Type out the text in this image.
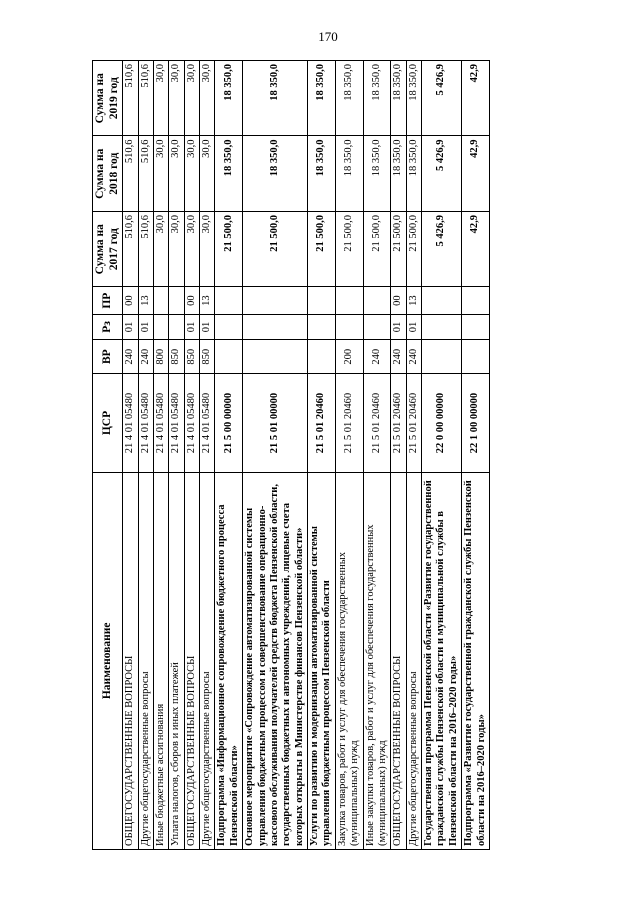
170
Наименование	ЦСР	ВР	Рз	ПР	Сумма на 2017 год	Сумма на 2018 год	Сумма на 2019 год
ОБЩЕГОСУДАРСТВЕННЫЕ ВОПРОСЫ	21 4 01 05480	240	01	00	510,6	510,6	510,6
Другие общегосударственные вопросы	21 4 01 05480	240	01	13	510,6	510,6	510,6
Иные бюджетные ассигнования	21 4 01 05480	800			30,0	30,0	30,0
Уплата налогов, сборов и иных платежей	21 4 01 05480	850			30,0	30,0	30,0
ОБЩЕГОСУДАРСТВЕННЫЕ ВОПРОСЫ	21 4 01 05480	850	01	00	30,0	30,0	30,0
Другие общегосударственные вопросы	21 4 01 05480	850	01	13	30,0	30,0	30,0
Подпрограмма «Информационное сопровождение бюджетного процесса Пензенской области»	21 5 00 00000				21 500,0	18 350,0	18 350,0
Основное мероприятие «Сопровождение автоматизированной системы управления бюджетным процессом и совершенствование операционно-кассового обслуживания получателей средств бюджета Пензенской области, государственных бюджетных и автономных учреждений, лицевые счета которых открыты в Министерстве финансов Пензенской области»	21 5 01 00000				21 500,0	18 350,0	18 350,0
Услуги по развитию и модернизации автоматизированной системы управления бюджетным процессом Пензенской области	21 5 01 20460				21 500,0	18 350,0	18 350,0
Закупка товаров, работ и услуг для обеспечения государственных (муниципальных) нужд	21 5 01 20460	200			21 500,0	18 350,0	18 350,0
Иные закупки товаров, работ и услуг для обеспечения государственных (муниципальных) нужд	21 5 01 20460	240			21 500,0	18 350,0	18 350,0
ОБЩЕГОСУДАРСТВЕННЫЕ ВОПРОСЫ	21 5 01 20460	240	01	00	21 500,0	18 350,0	18 350,0
Другие общегосударственные вопросы	21 5 01 20460	240	01	13	21 500,0	18 350,0	18 350,0
Государственная программа Пензенской области «Развитие государственной гражданской службы Пензенской области и муниципальной службы в Пензенской области на 2016–2020 годы»	22 0 00 00000				5 426,9	5 426,9	5 426,9
Подпрограмма «Развитие государственной гражданской службы Пензенской области на 2016–2020 годы»	22 1 00 00000				42,9	42,9	42,9
